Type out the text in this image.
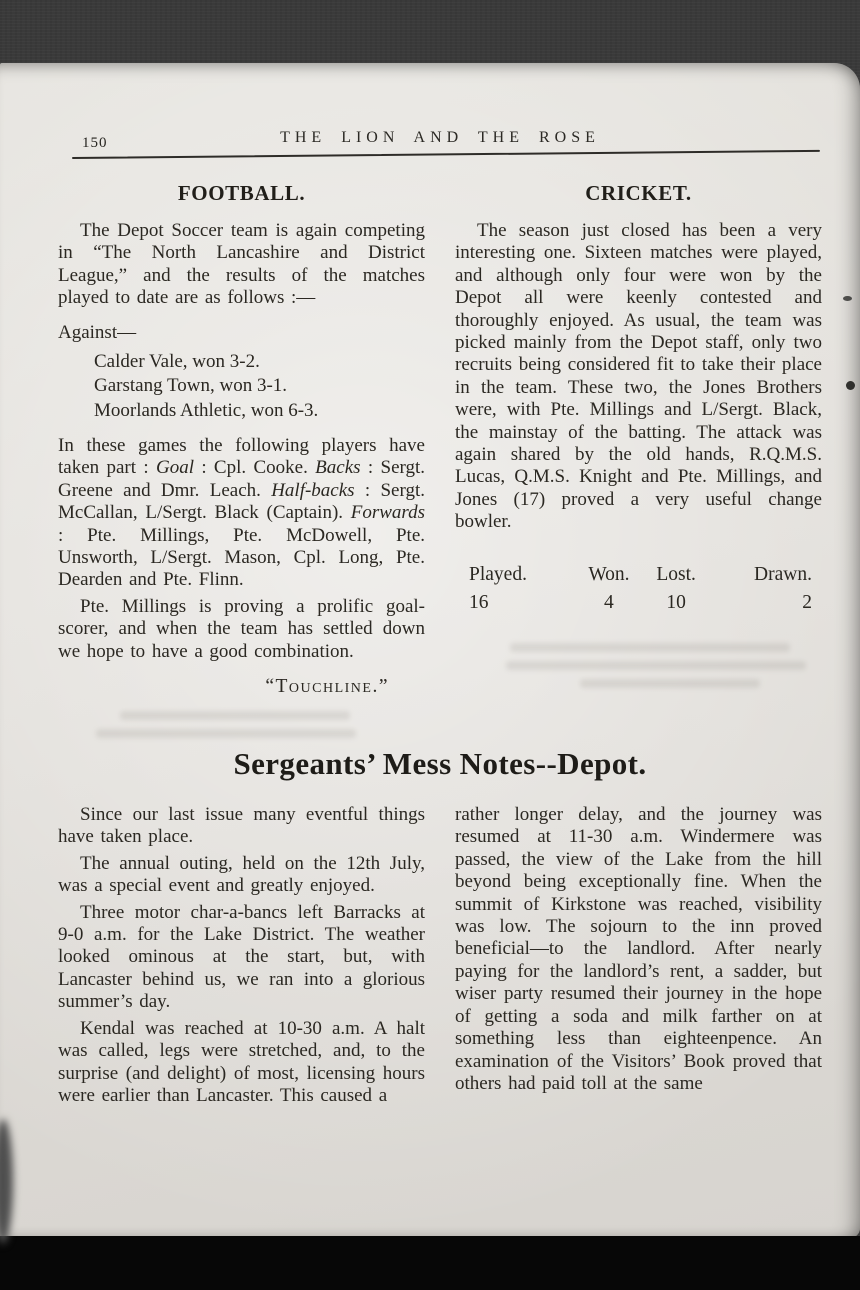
150	THE LION AND THE ROSE
FOOTBALL.

The Depot Soccer team is again competing in “The North Lancashire and District League,” and the results of the matches played to date are as follows :—

Against—

Calder Vale, won 3-2.
Garstang Town, won 3-1.
Moorlands Athletic, won 6-3.

In these games the following players have taken part : Goal : Cpl. Cooke. Backs : Sergt. Greene and Dmr. Leach. Half-backs : Sergt. McCallan, L/Sergt. Black (Captain). Forwards : Pte. Millings, Pte. McDowell, Pte. Unsworth, L/Sergt. Mason, Cpl. Long, Pte. Dearden and Pte. Flinn.

Pte. Millings is proving a prolific goal-scorer, and when the team has settled down we hope to have a good combination.

“Touchline.”

CRICKET.

The season just closed has been a very interesting one. Sixteen matches were played, and although only four were won by the Depot all were keenly contested and thoroughly enjoyed. As usual, the team was picked mainly from the Depot staff, only two recruits being considered fit to take their place in the team. These two, the Jones Brothers were, with Pte. Millings and L/Sergt. Black, the mainstay of the batting. The attack was again shared by the old hands, R.Q.M.S. Lucas, Q.M.S. Knight and Pte. Millings, and Jones (17) proved a very useful change bowler.

Played.	Won.	Lost.	Drawn.
16	4	10	2
Sergeants’ Mess Notes--Depot.

Since our last issue many eventful things have taken place.

The annual outing, held on the 12th July, was a special event and greatly enjoyed.

Three motor char-a-bancs left Barracks at 9-0 a.m. for the Lake District. The weather looked ominous at the start, but, with Lancaster behind us, we ran into a glorious summer’s day.

Kendal was reached at 10-30 a.m. A halt was called, legs were stretched, and, to the surprise (and delight) of most, licensing hours were earlier than Lancaster. This caused a

rather longer delay, and the journey was resumed at 11-30 a.m. Windermere was passed, the view of the Lake from the hill beyond being exceptionally fine. When the summit of Kirkstone was reached, visibility was low. The sojourn to the inn proved beneficial—to the landlord. After nearly paying for the landlord’s rent, a sadder, but wiser party resumed their journey in the hope of getting a soda and milk farther on at something less than eighteenpence. An examination of the Visitors’ Book proved that others had paid toll at the same
